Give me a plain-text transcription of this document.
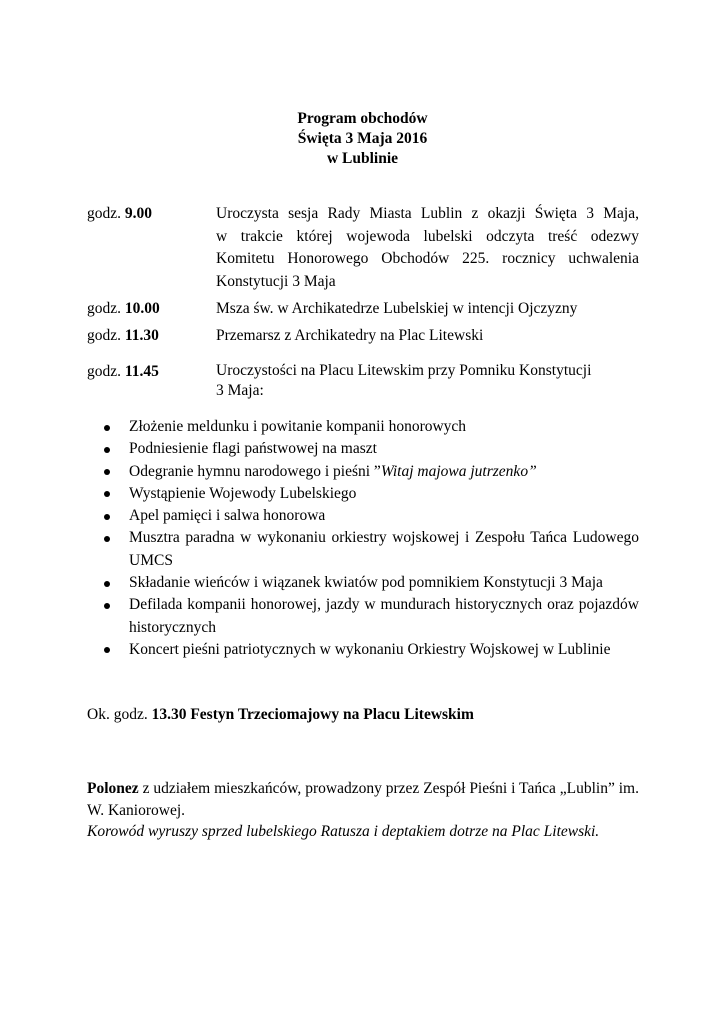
Program obchodów
Święta 3 Maja 2016
w Lublinie
godz. 9.00	Uroczysta sesja Rady Miasta Lublin z okazji Święta 3 Maja,
w trakcie której wojewoda lubelski odczyta treść odezwy
Komitetu Honorowego Obchodów 225. rocznicy uchwalenia
Konstytucji 3 Maja
godz. 10.00	Msza św. w Archikatedrze Lubelskiej w intencji Ojczyzny
godz. 11.30	Przemarsz z Archikatedry na Plac Litewski
godz. 11.45	Uroczystości na Placu Litewskim przy Pomniku Konstytucji
3 Maja:
Złożenie meldunku i powitanie kompanii honorowych
Podniesienie flagi państwowej na maszt
Odegranie hymnu narodowego i pieśni ”Witaj majowa jutrzenko”
Wystąpienie Wojewody Lubelskiego
Apel pamięci i salwa honorowa
Musztra paradna w wykonaniu orkiestry wojskowej i Zespołu Tańca Ludowego UMCS
Składanie wieńców i wiązanek kwiatów pod pomnikiem Konstytucji 3 Maja
Defilada kompanii honorowej, jazdy w mundurach historycznych oraz pojazdów historycznych
Koncert pieśni patriotycznych w wykonaniu Orkiestry Wojskowej w Lublinie
Ok. godz. 13.30 Festyn Trzeciomajowy na Placu Litewskim
Polonez z udziałem mieszkańców, prowadzony przez Zespół Pieśni i Tańca „Lublin” im. W. Kaniorowej.
Korowód wyruszy sprzed lubelskiego Ratusza i deptakiem dotrze na Plac Litewski.
